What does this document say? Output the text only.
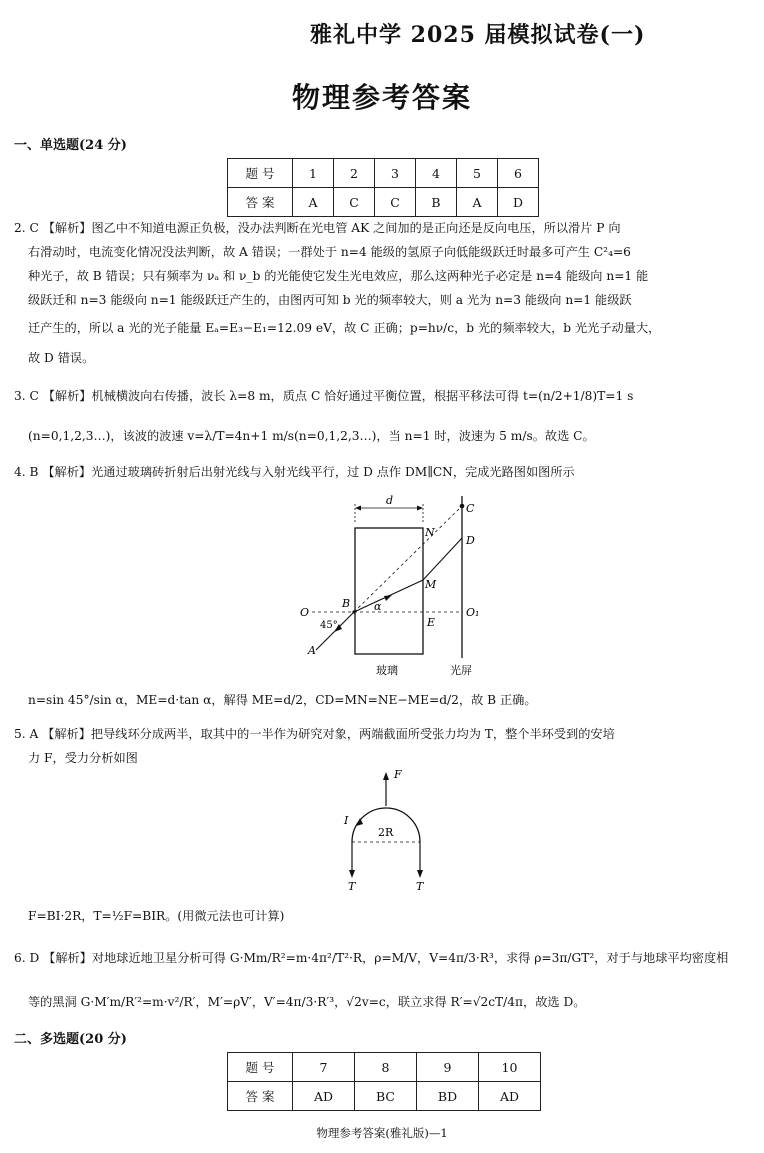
雅礼中学 2025 届模拟试卷(一)
物理参考答案
一、单选题(24 分)
题 号	1	2	3	4	5	6
答 案	A	C	C	B	A	D
2. C 【解析】图乙中不知道电源正负极，没办法判断在光电管 AK 之间加的是正向还是反向电压，所以滑片 P 向
右滑动时，电流变化情况没法判断，故 A 错误；一群处于 n=4 能级的氢原子向低能级跃迁时最多可产生 C²₄=6
种光子，故 B 错误；只有频率为 νₐ 和 ν_b 的光能使它发生光电效应，那么这两种光子必定是 n=4 能级向 n=1 能
级跃迁和 n=3 能级向 n=1 能级跃迁产生的，由图丙可知 b 光的频率较大，则 a 光为 n=3 能级向 n=1 能级跃
迁产生的，所以 a 光的光子能量 Eₐ=E₃−E₁=12.09 eV，故 C 正确；p=hν/c，b 光的频率较大，b 光光子动量大，
故 D 错误。
3. C 【解析】机械横波向右传播，波长 λ=8 m，质点 C 恰好通过平衡位置，根据平移法可得 t=(n/2+1/8)T=1 s
(n=0,1,2,3…)，该波的波速 v=λ/T=4n+1 m/s(n=0,1,2,3…)，当 n=1 时，波速为 5 m/s。故选 C。
4. B 【解析】光通过玻璃砖折射后出射光线与入射光线平行，过 D 点作 DM∥CN，完成光路图如图所示
d
C
N
D
M
B α
O	O₁
E
45°
A
玻璃	光屏
n=sin 45°/sin α，ME=d·tan α，解得 ME=d/2，CD=MN=NE−ME=d/2，故 B 正确。
5. A 【解析】把导线环分成两半，取其中的一半作为研究对象，两端截面所受张力均为 T，整个半环受到的安培
力 F，受力分析如图
F
I
2R
T	T
F=BI·2R，T=½F=BIR。(用微元法也可计算)
6. D 【解析】对地球近地卫星分析可得 G·Mm/R²=m·4π²/T²·R，ρ=M/V，V=4π/3·R³，求得 ρ=3π/GT²，对于与地球平均密度相
等的黑洞 G·M′m/R′²=m·v²/R′，M′=ρV′，V′=4π/3·R′³，√2v=c，联立求得 R′=√2cT/4π，故选 D。
二、多选题(20 分)
题 号	7	8	9	10
答 案	AD	BC	BD	AD
物理参考答案(雅礼版)—1
